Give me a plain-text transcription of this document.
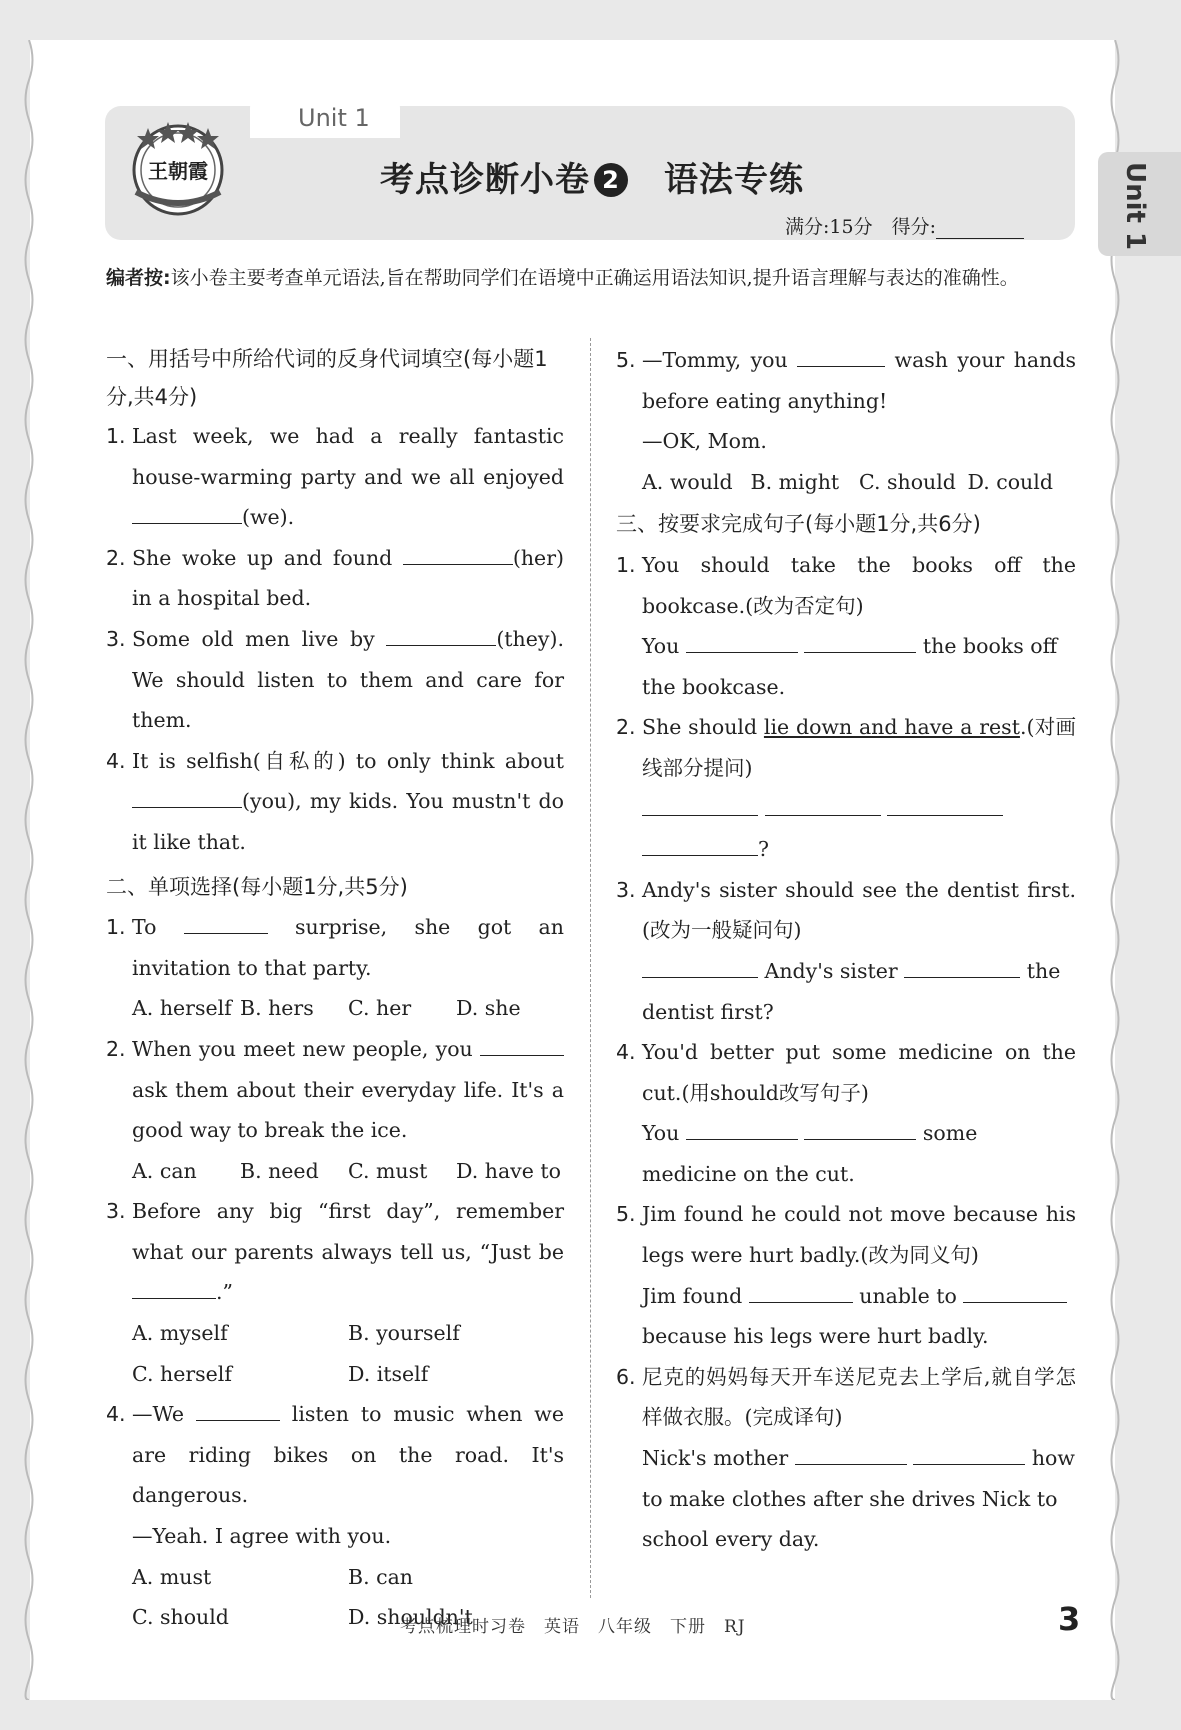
Unit 1
王朝霞	考点诊断小卷 2 语法专练
满分:15分　得分:	Unit 1
编者按:该小卷主要考查单元语法,旨在帮助同学们在语境中正确运用语法知识,提升语言理解与表达的准确性。
一、用括号中所给代词的反身代词填空(每小题1分,共4分)
1. Last week, we had a really fantastic house-warming party and we all enjoyed (we).
2. She woke up and found	(her) in a hospital bed.
3. Some old men live by	(they). We should listen to them and care for them.
4. It is selfish(自私的) to only think about (you), my kids. You mustn't do it like that.
二、单项选择(每小题1分,共5分)
1. To	surprise, she got an invitation to that party.
A. herself B. hers	C. her	D. she
2. When you meet new people, you  ask them about their everyday life. It's a good way to break the ice.
A. can	B. need	C. must	D. have to
3. Before any big “first day”, remember what our parents always tell us, “Just be .”
A. myself	B. yourself
C. herself	D. itself
4. —We	listen to music when we are riding bikes on the road. It's dangerous.
—Yeah. I agree with you.
A. must	B. can
C. should	D. shouldn't
5. —Tommy, you	wash your hands before eating anything!
—OK, Mom.
A. would B. might C. should D. could
三、按要求完成句子(每小题1分,共6分)
1. You should take the books off the bookcase.(改为否定句)
You	the books off the bookcase.
2. She should lie down and have a rest.(对画线部分提问)

?
3. Andy's sister should see the dentist first.(改为一般疑问句)
Andy's sister	the dentist first?
4. You'd better put some medicine on the cut.(用should改写句子)
You	some medicine on the cut.
5. Jim found he could not move because his legs were hurt badly.(改为同义句)
Jim found	unable to  because his legs were hurt badly.
6. 尼克的妈妈每天开车送尼克去上学后,就自学怎样做衣服。(完成译句)
Nick's mother	how to make clothes after she drives Nick to school every day.
考点梳理时习卷　英语　八年级　下册　RJ	3
